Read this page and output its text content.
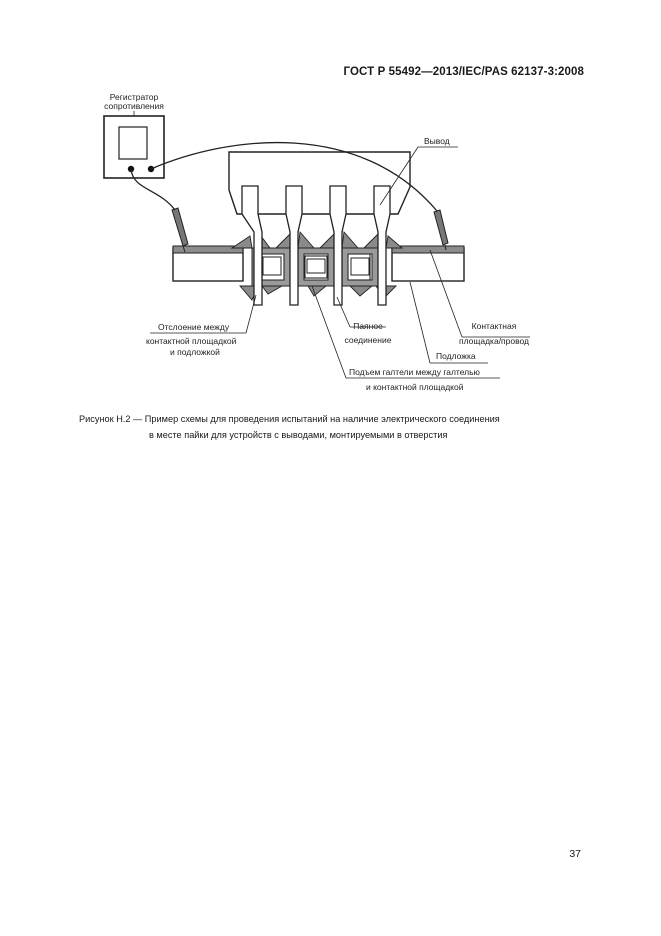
ГОСТ Р 55492—2013/IEC/PAS 62137-3:2008
Регистратор
сопротивления
Вывод
Отслоение между
контактной площадкой
и подложкой
Паяное
соединение
Контактная
площадка/провод
Подложка
Подъем галтели между галтелью
и контактной площадкой
Рисунок Н.2 — Пример схемы для проведения испытаний на наличие электрического соединения
в месте пайки для устройств с выводами, монтируемыми в отверстия
37
